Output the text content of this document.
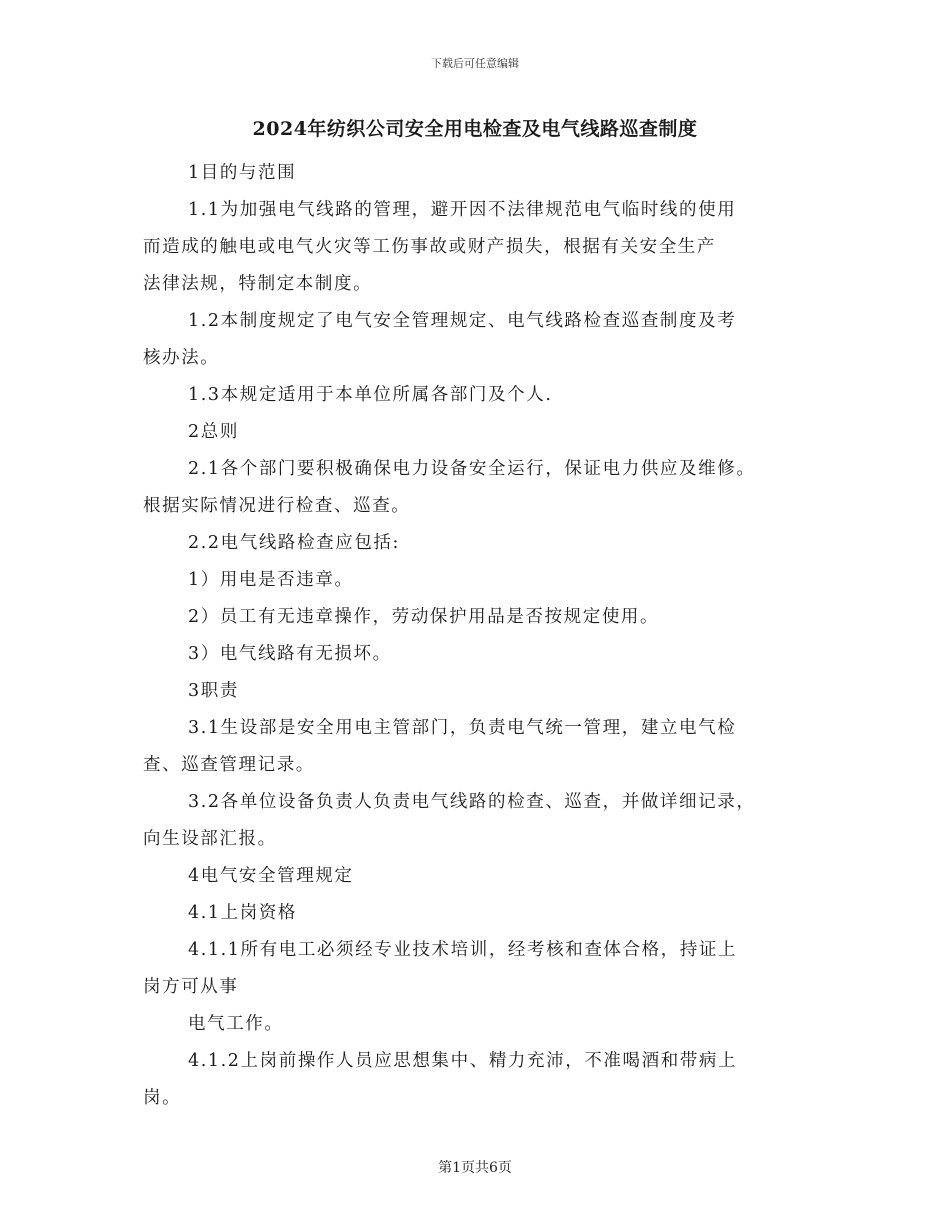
下载后可任意编辑
2024年纺织公司安全用电检查及电气线路巡查制度

1目的与范围

1.1为加强电气线路的管理，避开因不法律规范电气临时线的使用

而造成的触电或电气火灾等工伤事故或财产损失，根据有关安全生产

法律法规，特制定本制度。

1.2本制度规定了电气安全管理规定、电气线路检查巡查制度及考

核办法。

1.3本规定适用于本单位所属各部门及个人.

2总则

2.1各个部门要积极确保电力设备安全运行，保证电力供应及维修。

根据实际情况进行检查、巡查。

2.2电气线路检查应包括:

1）用电是否违章。

2）员工有无违章操作，劳动保护用品是否按规定使用。

3）电气线路有无损坏。

3职责

3.1生设部是安全用电主管部门，负责电气统一管理，建立电气检

查、巡查管理记录。

3.2各单位设备负责人负责电气线路的检查、巡查，并做详细记录，

向生设部汇报。

4电气安全管理规定

4.1上岗资格

4.1.1所有电工必须经专业技术培训，经考核和查体合格，持证上

岗方可从事

电气工作。

4.1.2上岗前操作人员应思想集中、精力充沛，不准喝酒和带病上

岗。

第1页共6页
